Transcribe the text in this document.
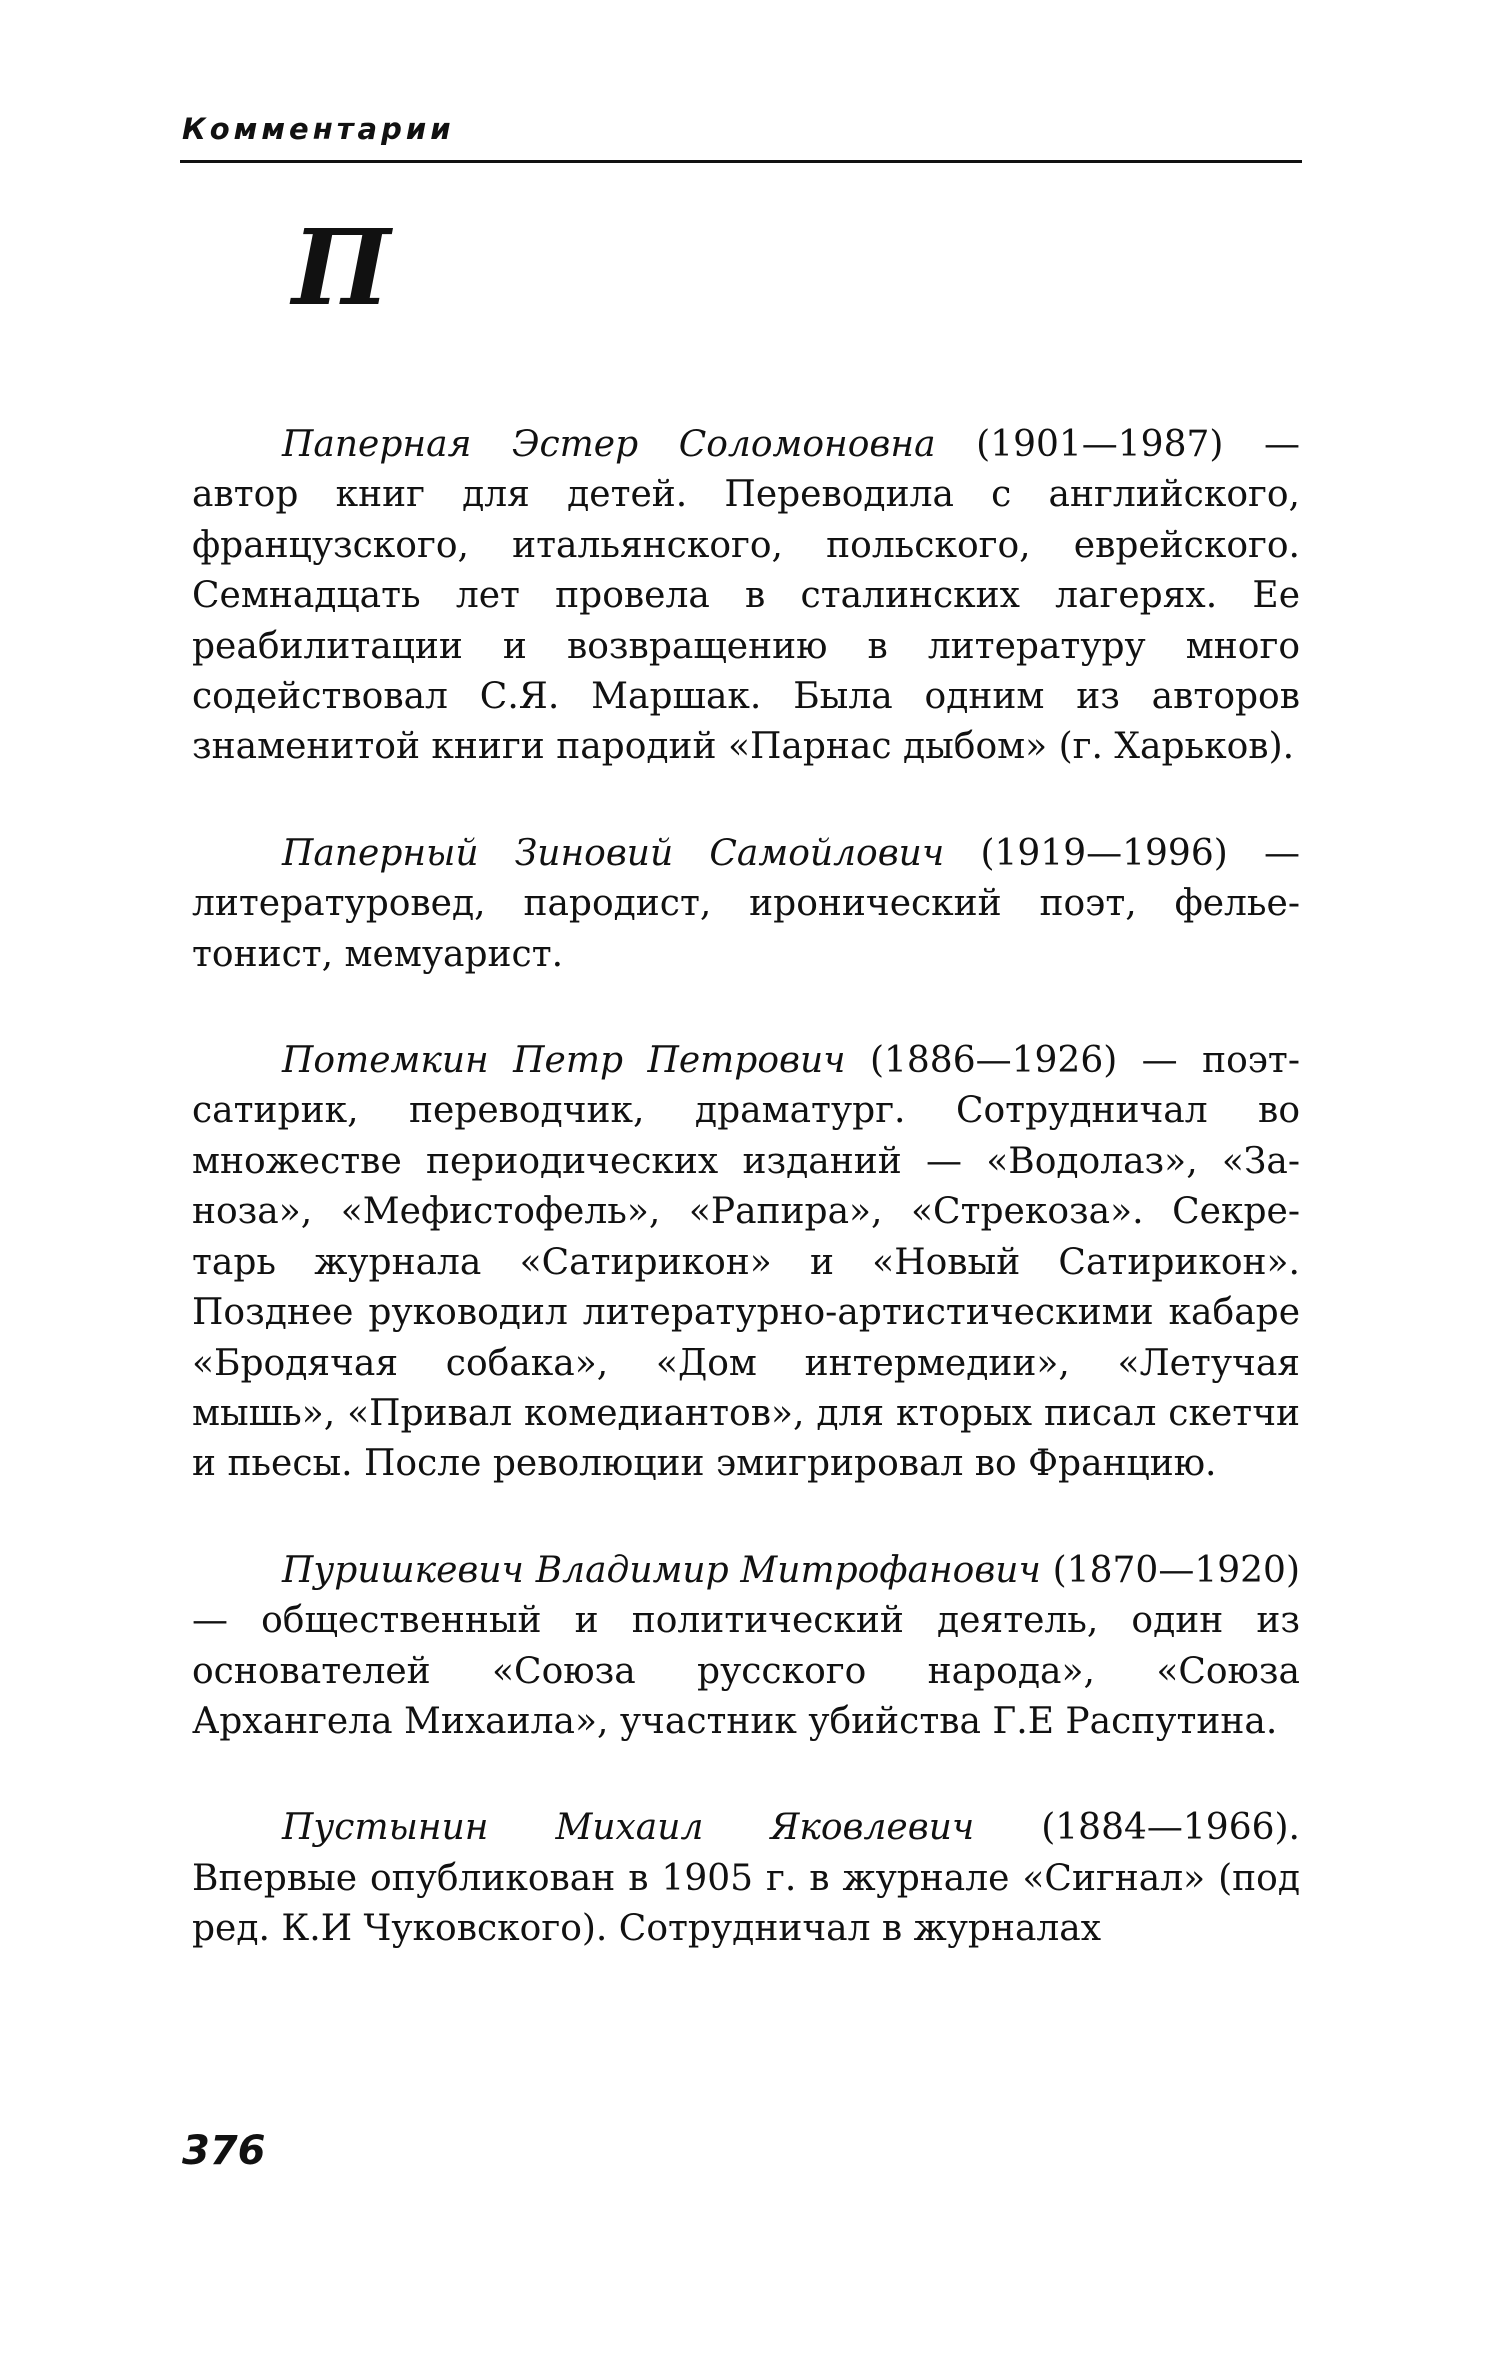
Комментарии
П

Паперная Эстер Соломоновна (1901—1987) — автор книг для детей. Переводила с английского, французского, итальянского, польского, еврейского. Семнадцать лет провела в сталинских лагерях. Ее реабилитации и возвращению в литературу много содействовал С.Я. Маршак. Была одним из авторов знаменитой книги пародий «Парнас дыбом» (г. Харьков).

Паперный Зиновий Самойлович (1919—1996) — литературовед, пародист, иронический поэт, фельетонист, мемуарист.

Потемкин Петр Петрович (1886—1926) — поэт-сатирик, переводчик, драматург. Сотрудничал во множестве периодических изданий — «Водолаз», «Заноза», «Мефистофель», «Рапира», «Стрекоза». Секретарь журнала «Сатирикон» и «Новый Сатирикон». Позднее руководил литературно-артистическими кабаре «Бродячая собака», «Дом интермедии», «Летучая мышь», «Привал комедиантов», для кторых писал скетчи и пьесы. После революции эмигрировал во Францию.

Пуришкевич Владимир Митрофанович (1870—1920) — общественный и политический деятель, один из основателей «Союза русского народа», «Союза Архангела Михаила», участник убийства Г.Е Распутина.

Пустынин Михаил Яковлевич (1884—1966). Впервые опубликован в 1905 г. в журнале «Сигнал» (под ред. К.И Чуковского). Сотрудничал в журналах

376
